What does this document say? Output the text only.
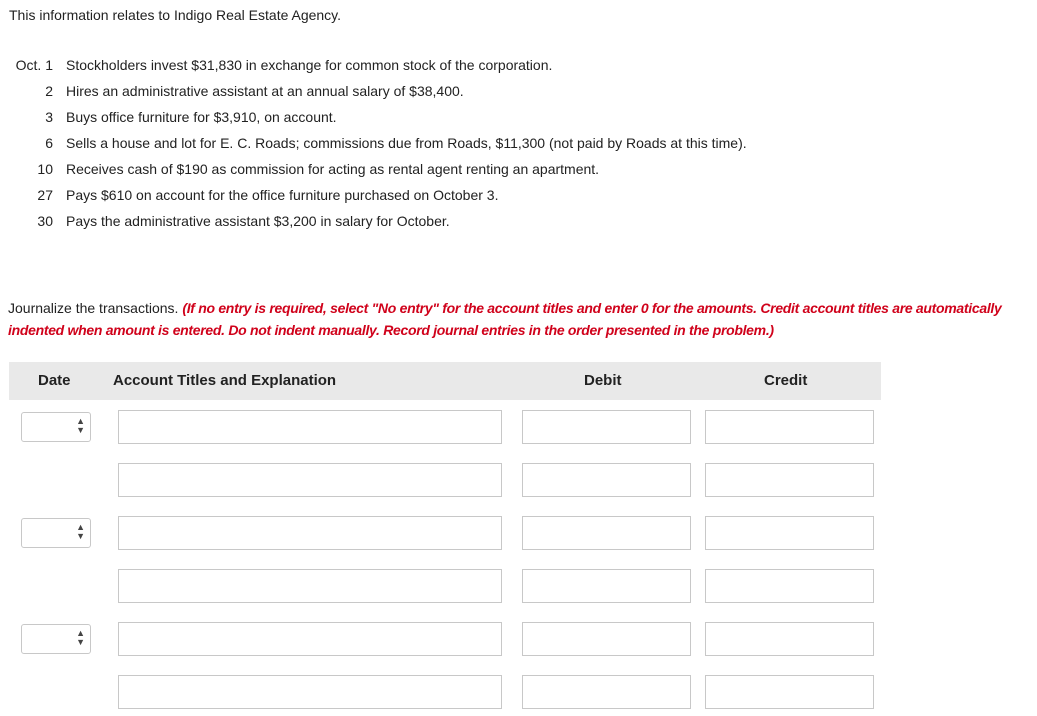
This information relates to Indigo Real Estate Agency.
Oct. 1 Stockholders invest $31,830 in exchange for common stock of the corporation.
2 Hires an administrative assistant at an annual salary of $38,400.
3 Buys office furniture for $3,910, on account.
6 Sells a house and lot for E. C. Roads; commissions due from Roads, $11,300 (not paid by Roads at this time).
10 Receives cash of $190 as commission for acting as rental agent renting an apartment.
27 Pays $610 on account for the office furniture purchased on October 3.
30 Pays the administrative assistant $3,200 in salary for October.
Journalize the transactions. (If no entry is required, select "No entry" for the account titles and enter 0 for the amounts. Credit account titles are automatically indented when amount is entered. Do not indent manually. Record journal entries in the order presented in the problem.)
Date	Account Titles and Explanation	Debit	Credit
▲
▼
▲
▼
▲
▼
